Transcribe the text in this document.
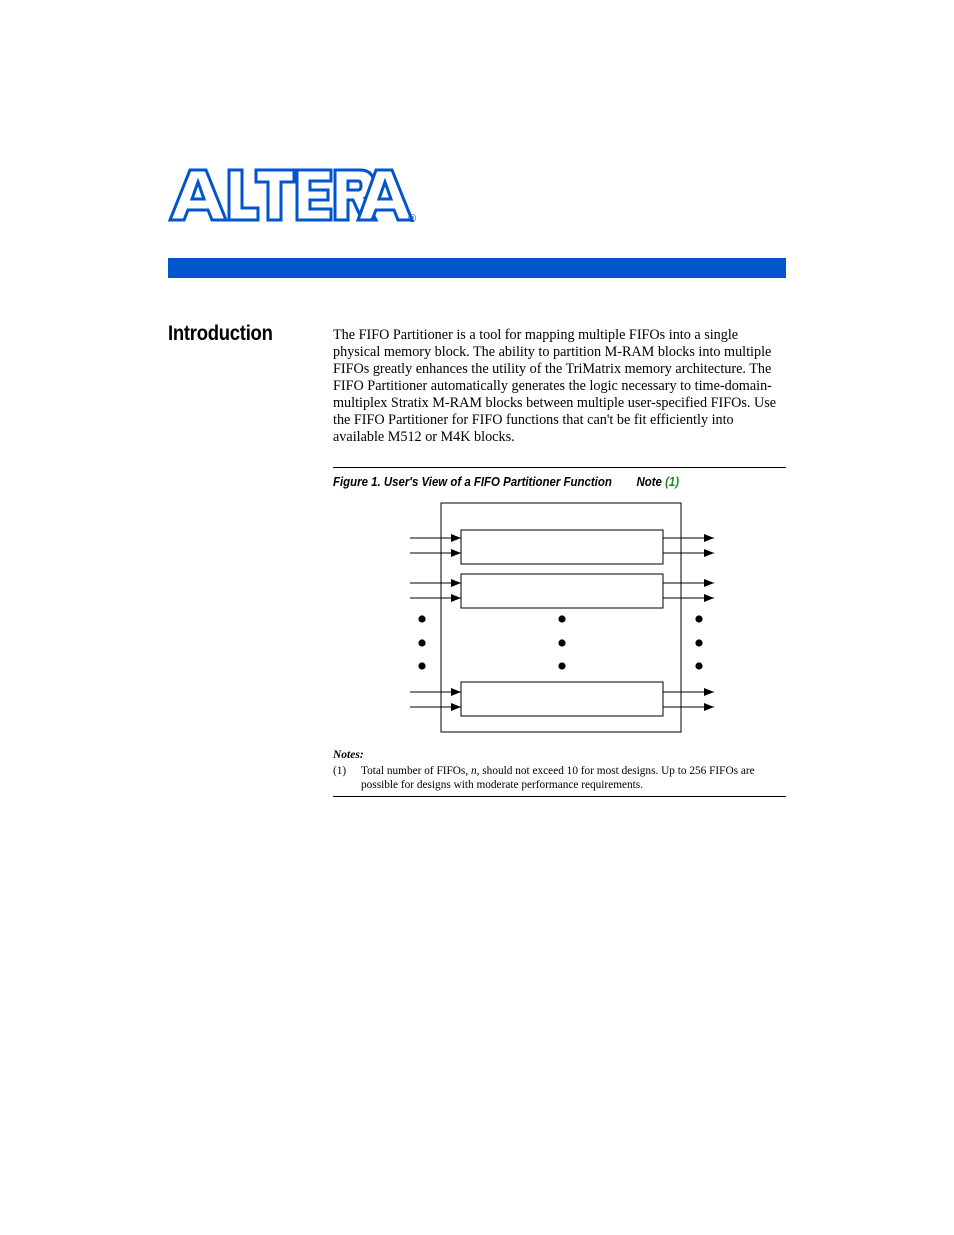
®
Introduction	The FIFO Partitioner is a tool for mapping multiple FIFOs into a single physical memory block. The ability to partition M-RAM blocks into multiple FIFOs greatly enhances the utility of the TriMatrix memory architecture. The FIFO Partitioner automatically generates the logic necessary to time-domain-multiplex Stratix M-RAM blocks between multiple user-specified FIFOs. Use the FIFO Partitioner for FIFO functions that can't be fit efficiently into available M512 or M4K blocks.

Figure 1. User's View of a FIFO Partitioner Function Note (1)

Notes:

(1) Total number of FIFOs, n, should not exceed 10 for most designs. Up to 256 FIFOs are possible for designs with moderate performance requirements.
